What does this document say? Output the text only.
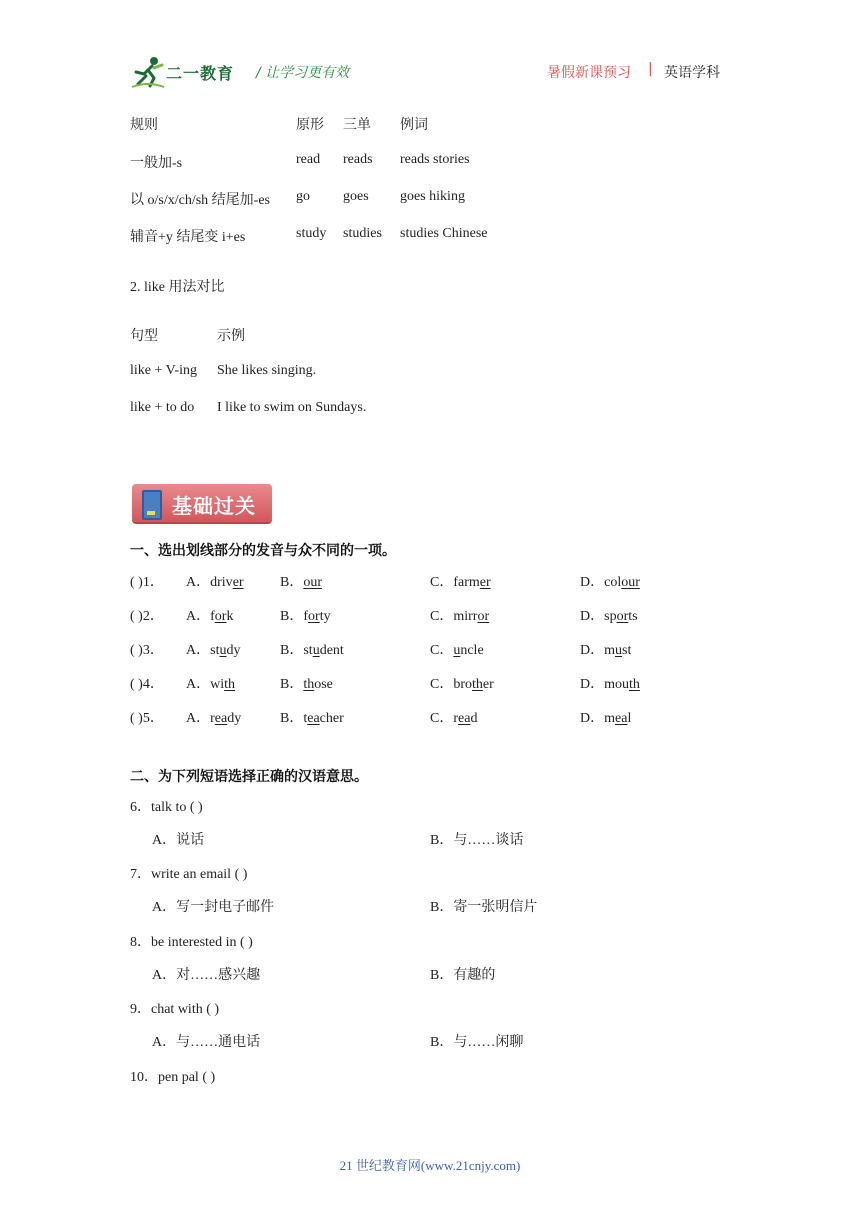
二一教育 / 让学习更有效	暑假新课预习 | 英语学科
规则	原形 三单 例词
一般加-s	read reads reads stories
以 o/s/x/ch/sh 结尾加-es go goes goes hiking
辅音+y 结尾变 i+es	study studies studies Chinese
2. like 用法对比
句型	示例
like + V-ing She likes singing.
like + to do I like to swim on Sundays.
基础过关
一、选出划线部分的发音与众不同的一项。
( )1． A．driver	B．our	C．farmer	D．colour
( )2． A．fork	B．forty	C．mirror	D．sports
( )3． A．study	B．student	C．uncle	D．must
( )4． A．with	B．those	C．brother	D．mouth
( )5． A．ready	B．teacher	C．read	D．meal
二、为下列短语选择正确的汉语意思。
6．talk to ( )
A．说话	B．与……谈话
7．write an email ( )
A．写一封电子邮件	B．寄一张明信片
8．be interested in ( )
A．对……感兴趣	B．有趣的
9．chat with ( )
A．与……通电话	B．与……闲聊
10．pen pal ( )
21 世纪教育网(www.21cnjy.com)
